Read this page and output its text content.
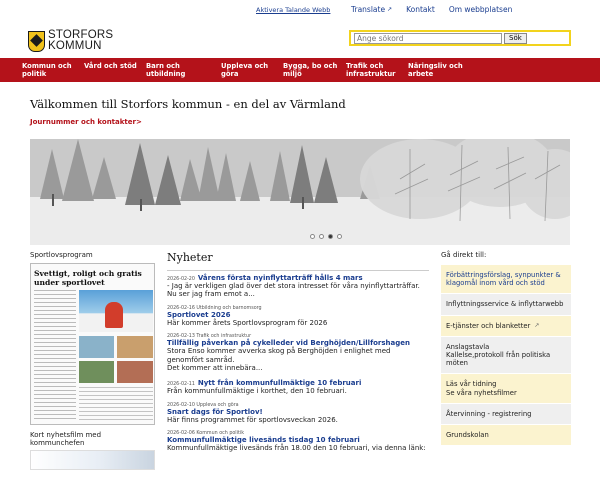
Aktivera Talande Webb	Translate ↗ Kontakt Om webbplatsen
STORFORS
KOMMUN
Ange sökord
Sök
Kommun och
politik
Vård och stöd	Barn och
utbildning
Uppleva och
göra
Bygga, bo och
miljö
Trafik och
infrastruktur
Näringsliv och
arbete
Välkommen till Storfors kommun - en del av Värmland
Journummer och kontakter>
Sportlovsprogram
Svettigt, roligt och gratis under sportlovet
Kort nyhetsfilm med kommunchefen
Nyheter
2026-02-20 Vårens första nyinflyttarträff hålls 4 mars
- Jag är verkligen glad över det stora intresset för våra nyinflyttarträffar. Nu ser jag fram emot a...
2026-02-16 Utbildning och barnomsorg
Sportlovet 2026
Här kommer årets Sportlovsprogram för 2026
2026-02-13 Trafik och infrastruktur
Tillfällig påverkan på cykelleder vid Berghöjden/Lillforshagen
Stora Enso kommer avverka skog på Berghöjden i enlighet med genomfört samråd.
Det kommer att innebära...
2026-02-11 Nytt från kommunfullmäktige 10 februari
Från kommunfullmäktige i korthet, den 10 februari.
2026-02-10 Uppleva och göra
Snart dags för Sportlov!
Här finns programmet för sportlovsveckan 2026.
2026-02-06 Kommun och politik
Kommunfullmäktige livesänds tisdag 10 februari
Kommunfullmäktige livesänds från 18.00 den 10 februari, via denna länk:
Gå direkt till:
Förbättringsförslag, synpunkter & klagomål inom vård och stöd
Inflyttningsservice & inflyttarwebb
E-tjänster och blanketter ↗
Anslagstavla
Kallelse,protokoll från politiska möten
Läs vår tidning
Se våra nyhetsfilmer
Återvinning - registrering
Grundskolan
